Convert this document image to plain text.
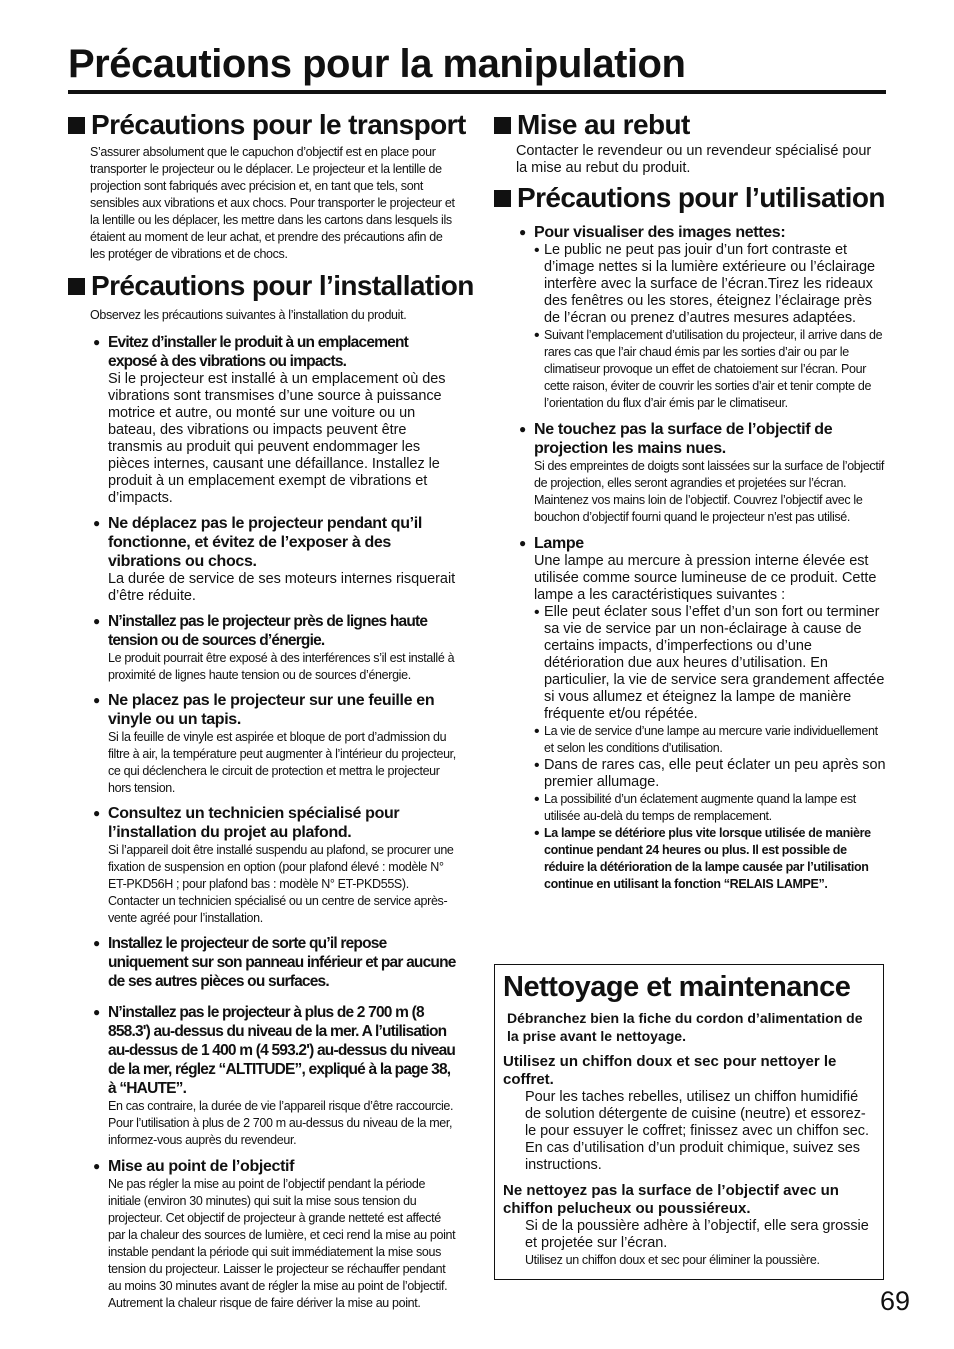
Précautions pour la manipulation
Précautions pour le transport

S’assurer absolument que le capuchon d’objectif est en place pour transporter le projecteur ou le déplacer. Le projecteur et la lentille de projection sont fabriqués avec précision et, en tant que tels, sont sensibles aux vibrations et aux chocs. Pour transporter le projecteur et la lentille ou les déplacer, les mettre dans les cartons dans lesquels ils étaient au moment de leur achat, et prendre des précautions afin de les protéger de vibrations et de chocs.

Précautions pour l’installation

Observez les précautions suivantes à l’installation du produit.

● Evitez d’installer le produit à un emplacement exposé à des vibrations ou impacts.

Si le projecteur est installé à un emplacement où des vibrations sont transmises d’une source à puissance motrice et autre, ou monté sur une voiture ou un bateau, des vibrations ou impacts peuvent être transmis au produit qui peuvent endommager les pièces internes, causant une défaillance. Installez le produit à un emplacement exempt de vibrations et d’impacts.

● Ne déplacez pas le projecteur pendant qu’il fonctionne, et évitez de l’exposer à des vibrations ou chocs.

La durée de service de ses moteurs internes risquerait d’être réduite.

● N’installez pas le projecteur près de lignes haute tension ou de sources d’énergie.

Le produit pourrait être exposé à des interférences s’il est installé à proximité de lignes haute tension ou de sources d’énergie.

● Ne placez pas le projecteur sur une feuille en vinyle ou un tapis.

Si la feuille de vinyle est aspirée et bloque de port d’admission du filtre à air, la température peut augmenter à l’intérieur du projecteur, ce qui déclenchera le circuit de protection et mettra le projecteur hors tension.

● Consultez un technicien spécialisé pour l’installation du projet au plafond.

Si l’appareil doit être installé suspendu au plafond, se procurer une fixation de suspension en option (pour plafond élevé : modèle N° ET-PKD56H ; pour plafond bas : modèle N° ET-PKD55S). Contacter un technicien spécialisé ou un centre de service après-vente agréé pour l’installation.

● Installez le projecteur de sorte qu’il repose uniquement sur son panneau inférieur et par aucune de ses autres pièces ou surfaces.

● N’installez pas le projecteur à plus de 2 700 m (8 858.3') au-dessus du niveau de la mer. A l’utilisation au-dessus de 1 400 m (4 593.2') au-dessus du niveau de la mer, réglez “ALTITUDE”, expliqué à la page 38, à “HAUTE”.

En cas contraire, la durée de vie l’appareil risque d’être raccourcie. Pour l’utilisation à plus de 2 700 m au-dessus du niveau de la mer, informez-vous auprès du revendeur.

● Mise au point de l’objectif

Ne pas régler la mise au point de l’objectif pendant la période initiale (environ 30 minutes) qui suit la mise sous tension du projecteur. Cet objectif de projecteur à grande netteté est affecté par la chaleur des sources de lumière, et ceci rend la mise au point instable pendant la période qui suit immédiatement la mise sous tension du projecteur. Laisser le projecteur se réchauffer pendant au moins 30 minutes avant de régler la mise au point de l’objectif. Autrement la chaleur risque de faire dériver la mise au point.

Mise au rebut

Contacter le revendeur ou un revendeur spécialisé pour la mise au rebut du produit.

Précautions pour l’utilisation
● Pour visualiser des images nettes:

• Le public ne peut pas jouir d’un fort contraste et d’image nettes si la lumière extérieure ou l’éclairage interfère avec la surface de l’écran.Tirez les rideaux des fenêtres ou les stores, éteignez l’éclairage près de l’écran ou prenez d’autres mesures adaptées.

• Suivant l’emplacement d’utilisation du projecteur, il arrive dans de rares cas que l’air chaud émis par les sorties d’air ou par le climatiseur provoque un effet de chatoiement sur l’écran. Pour cette raison, éviter de couvrir les sorties d’air et tenir compte de l’orientation du flux d’air émis par le climatiseur.

● Ne touchez pas la surface de l’objectif de projection les mains nues.

Si des empreintes de doigts sont laissées sur la surface de l’objectif de projection, elles seront agrandies et projetées sur l’écran. Maintenez vos mains loin de l’objectif. Couvrez l’objectif avec le bouchon d’objectif fourni quand le projecteur n’est pas utilisé.

● Lampe

Une lampe au mercure à pression interne élevée est utilisée comme source lumineuse de ce produit. Cette lampe a les caractéristiques suivantes :

• Elle peut éclater sous l’effet d’un son fort ou terminer sa vie de service par un non-éclairage à cause de certains impacts, d’imperfections ou d’une détérioration due aux heures d’utilisation. En particulier, la vie de service sera grandement affectée si vous allumez et éteignez la lampe de manière fréquente et/ou répétée.

• La vie de service d’une lampe au mercure varie individuellement et selon les conditions d’utilisation.

• Dans de rares cas, elle peut éclater un peu après son premier allumage.

• La possibilité d’un éclatement augmente quand la lampe est utilisée au-delà du temps de remplacement.

• La lampe se détériore plus vite lorsque utilisée de manière continue pendant 24 heures ou plus. Il est possible de réduire la détérioration de la lampe causée par l’utilisation continue en utilisant la fonction “RELAIS LAMPE”.

Nettoyage et maintenance

Débranchez bien la fiche du cordon d’alimentation de la prise avant le nettoyage.

Utilisez un chiffon doux et sec pour nettoyer le coffret.

Pour les taches rebelles, utilisez un chiffon humidifié de solution détergente de cuisine (neutre) et essorez-le pour essuyer le coffret; finissez avec un chiffon sec. En cas d’utilisation d’un produit chimique, suivez ses instructions.

Ne nettoyez pas la surface de l’objectif avec un chiffon pelucheux ou poussiéreux.

Si de la poussière adhère à l’objectif, elle sera grossie et projetée sur l’écran.

Utilisez un chiffon doux et sec pour éliminer la poussière.

69
